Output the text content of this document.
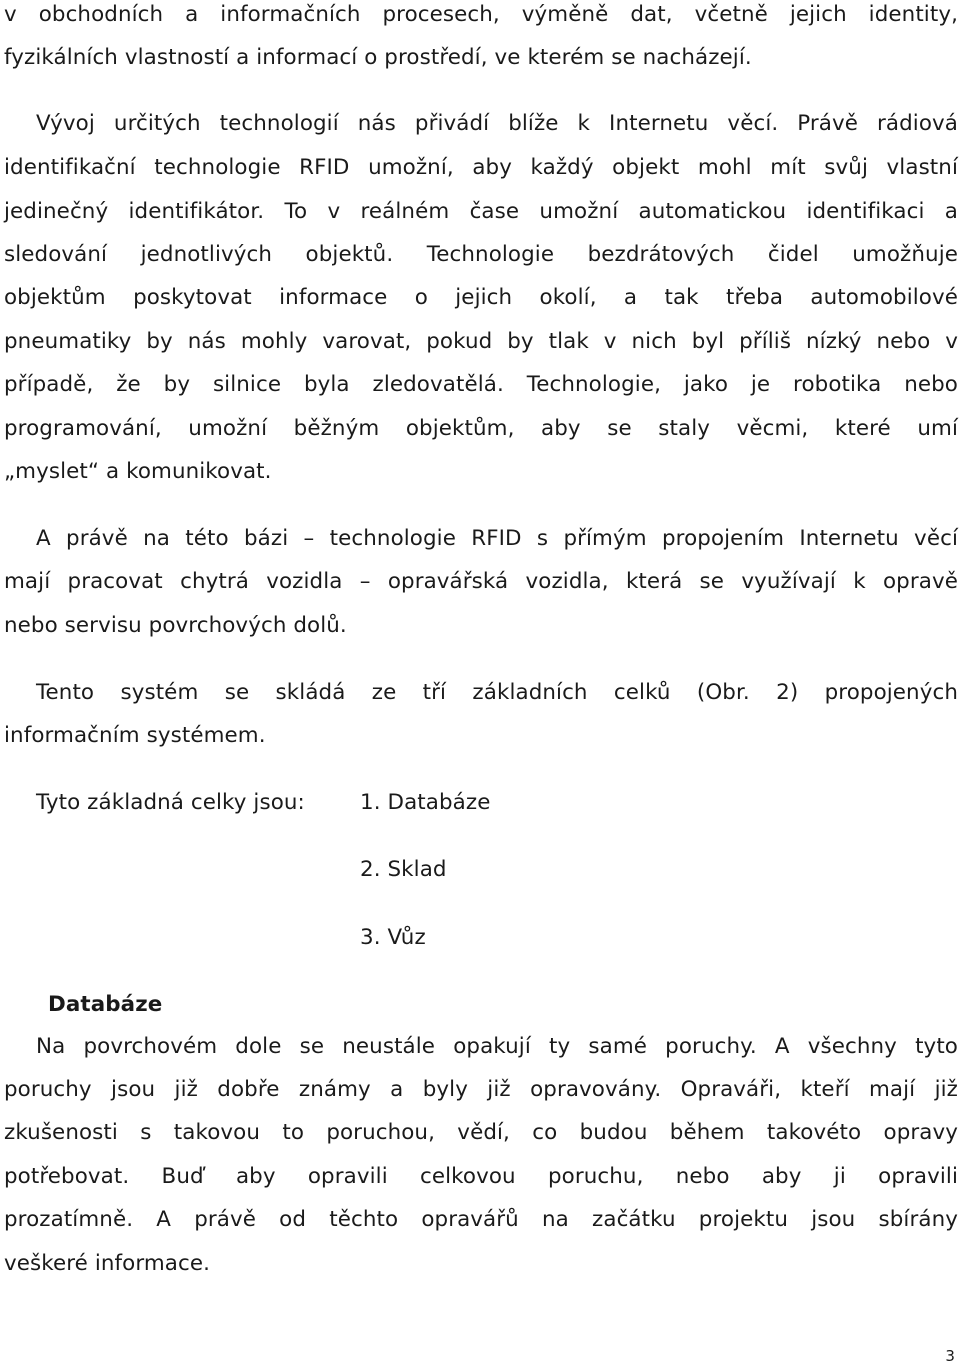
v obchodních a informačních procesech, výměně dat, včetně jejich identity,
fyzikálních vlastností a informací o prostředí, ve kterém se nacházejí.
Vývoj určitých technologií nás přivádí blíže k Internetu věcí. Právě rádiová
identifikační technologie RFID umožní, aby každý objekt mohl mít svůj vlastní
jedinečný identifikátor. To v reálném čase umožní automatickou identifikaci a
sledování jednotlivých objektů. Technologie bezdrátových čidel umožňuje
objektům poskytovat informace o jejich okolí, a tak třeba automobilové
pneumatiky by nás mohly varovat, pokud by tlak v nich byl příliš nízký nebo v
případě, že by silnice byla zledovatělá. Technologie, jako je robotika nebo
programování, umožní běžným objektům, aby se staly věcmi, které umí
„myslet“ a komunikovat.
A právě na této bázi – technologie RFID s přímým propojením Internetu věcí
mají pracovat chytrá vozidla – opravářská vozidla, která se využívají k opravě
nebo servisu povrchových dolů.
Tento systém se skládá ze tří základních celků (Obr. 2) propojených
informačním systémem.
Tyto základná celky jsou:	1. Databáze
2. Sklad
3. Vůz
Databáze
Na povrchovém dole se neustále opakují ty samé poruchy. A všechny tyto
poruchy jsou již dobře známy a byly již opravovány. Opraváři, kteří mají již
zkušenosti s takovou to poruchou, vědí, co budou během takovéto opravy
potřebovat. Buď aby opravili celkovou poruchu, nebo aby ji opravili
prozatímně. A právě od těchto opravářů na začátku projektu jsou sbírány
veškeré informace.
3
